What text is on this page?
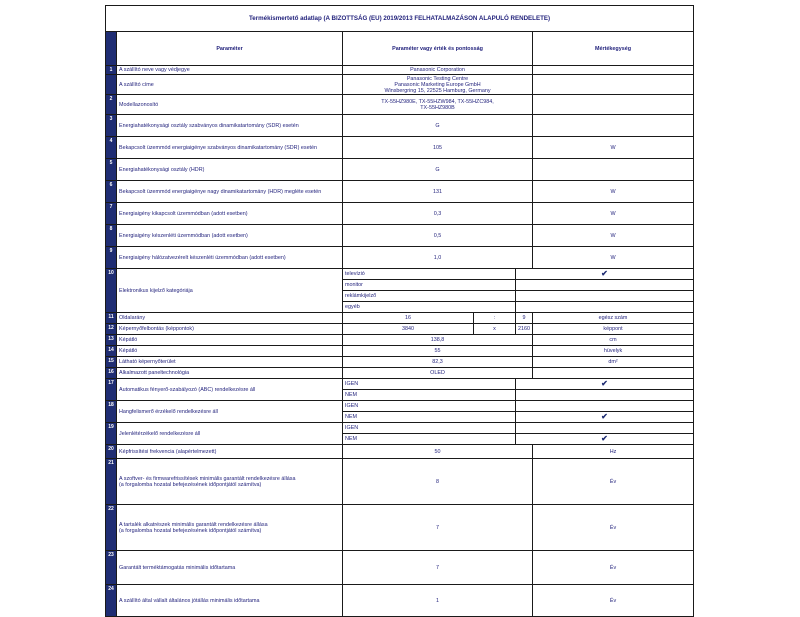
Termékismertető adatlap (A BIZOTTSÁG (EU) 2019/2013 FELHATALMAZÁSON ALAPULÓ RENDELETE)					
	Paraméter	Paraméter vagy érték és pontosság			Mértékegység
1	A szállító neve vagy védjegye	Panasonic Corporation			
	A szállító címe	Panasonic Testing Centre
Panasonic Marketing Europe GmbH
Winsbergring 15, 22525 Hamburg, Germany			

2	Modellazonosító	TX-55HZ980E, TX-55HZW984, TX-55HZC984,
TX-55HZ980B			

3	Energiahatékonysági osztály szabványos dinamikatartomány (SDR) esetén	G			
4	Bekapcsolt üzemmód energiaigénye szabványos dinamikatartomány (SDR) esetén	105			W
5	Energiahatékonysági osztály (HDR)	G			
6	Bekapcsolt üzemmód energiaigénye nagy dinamikatartomány (HDR) megléte esetén	131			W
7	Energiaigény kikapcsolt üzemmódban (adott esetben)	0,3			W
8	Energiaigény készenléti üzemmódban (adott esetben)	0,5			W
9	Energiaigény hálózatvezérelt készenléti üzemmódban (adott esetben)	1,0			W
10	Elektronikus kijelző kategóriája	televízió		✔	
		monitor			
		reklámkijelző			
		egyéb			
11	Oldalarány	16	:	9	egész szám
12	Képernyőfelbontás (képpontok)	3840	x	2160	képpont
13	Képátló	138,8			cm
14	Képátló	55			hüvelyk
15	Látható képernyőterület	82,3			dm²
16	Alkalmazott paneltechnológia	OLED			
17	Automatikus fényerő-szabályozó (ABC) rendelkezésre áll	IGEN		✔	
		NEM			
18	Hangfelismerő érzékelő rendelkezésre áll	IGEN			
		NEM		✔	
19	Jelenlétérzékelő rendelkezésre áll	IGEN			
		NEM		✔	
20	Képfrissítési frekvencia (alapértelmezett)	50			Hz
21	A szoftver- és firmwarefrissítések minimális garantált rendelkezésre állása
(a forgalomba hozatal befejezésének időpontjától számítva)	8			Év
22	A tartalék alkatrészek minimális garantált rendelkezésre állása
(a forgalomba hozatal befejezésének időpontjától számítva)	7			Év
23	Garantált terméktámogatás minimális időtartama	7			Év
24	A szállító által vállalt általános jótállás minimális időtartama	1			Év
